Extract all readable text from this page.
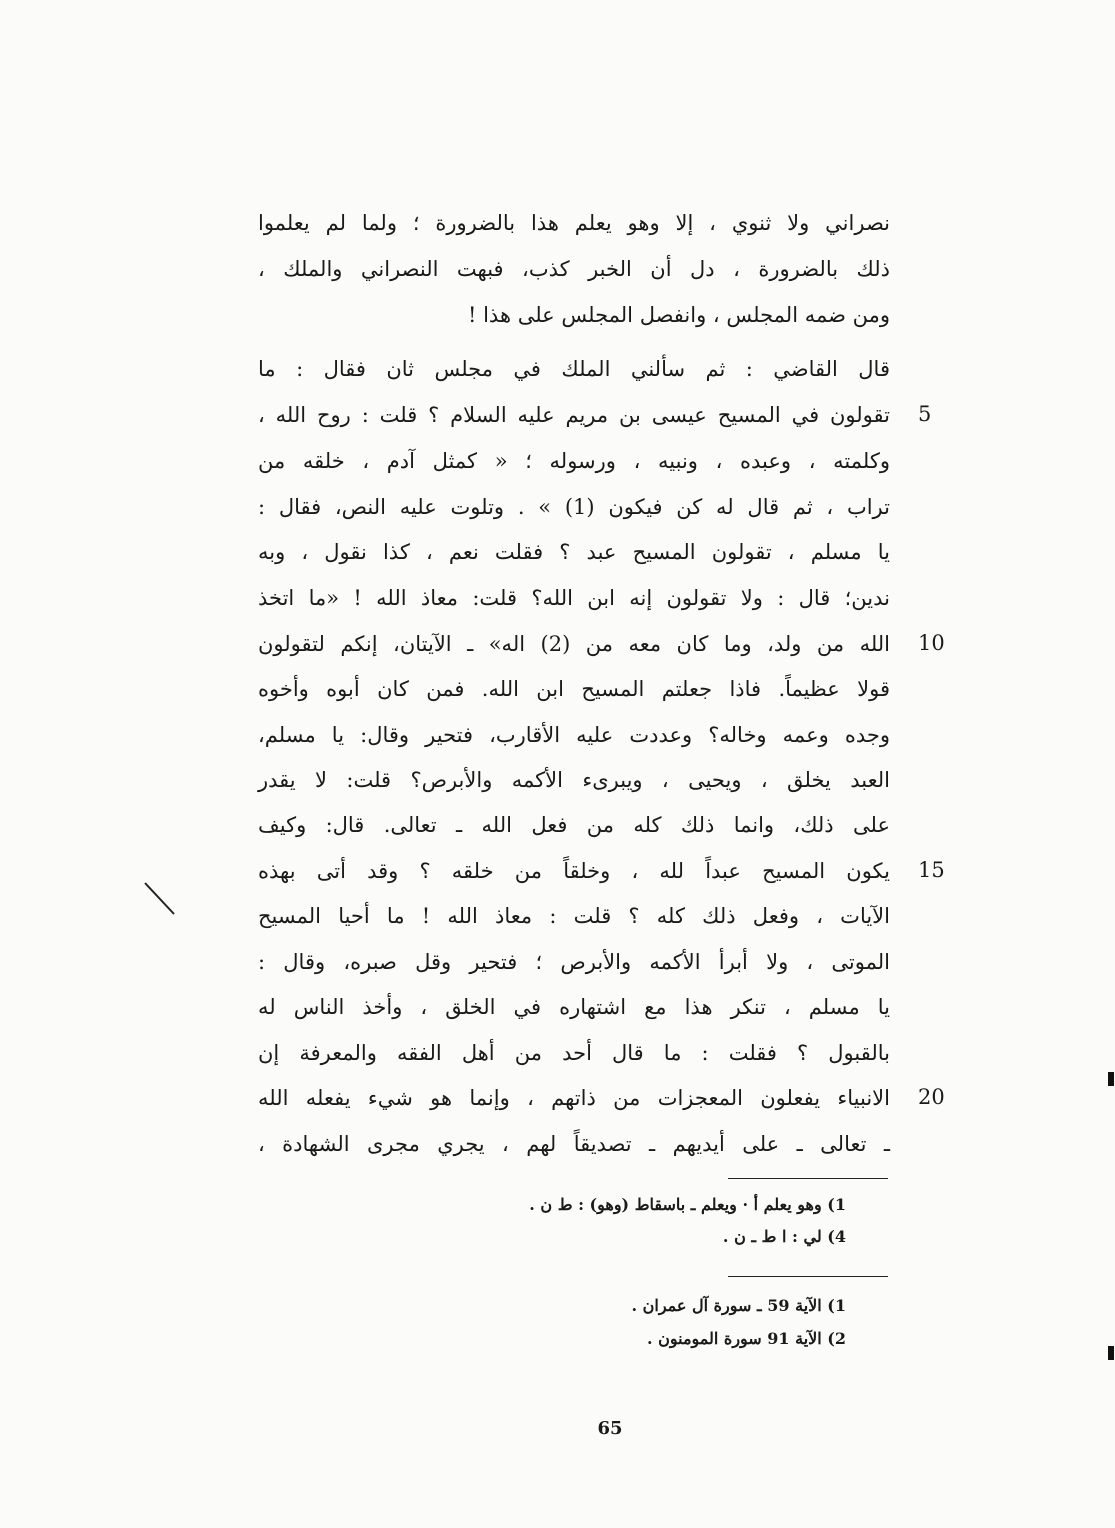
نصراني ولا ثنوي ، إلا وهو يعلم هذا بالضرورة ؛ ولما لم يعلموا
ذلك بالضرورة ، دل أن الخبر كذب، فبهت النصراني والملك ،
ومن ضمه المجلس ، وانفصل المجلس على هذا !
قال القاضي : ثم سألني الملك في مجلس ثان فقال : ما
تقولون في المسيح عيسى بن مريم عليه السلام ؟ قلت : روح الله ،
وكلمته ، وعبده ، ونبيه ، ورسوله ؛ « كمثل آدم ، خلقه من
تراب ، ثم قال له كن فيكون (1) » . وتلوت عليه النص، فقال :
يا مسلم ، تقولون المسيح عبد ؟ فقلت نعم ، كذا نقول ، وبه
ندين؛ قال : ولا تقولون إنه ابن الله؟ قلت: معاذ الله ! «ما اتخذ
الله من ولد، وما كان معه من (2) اله» ـ الآيتان، إنكم لتقولون
قولا عظيماً. فاذا جعلتم المسيح ابن الله. فمن كان أبوه وأخوه
وجده وعمه وخاله؟ وعددت عليه الأقارب، فتحير وقال: يا مسلم،
العبد يخلق ، ويحيى ، ويبرىء الأكمه والأبرص؟ قلت: لا يقدر
على ذلك، وانما ذلك كله من فعل الله ـ تعالى. قال: وكيف
يكون المسيح عبداً لله ، وخلقاً من خلقه ؟ وقد أتى بهذه
الآيات ، وفعل ذلك كله ؟ قلت : معاذ الله ! ما أحيا المسيح
الموتى ، ولا أبرأ الأكمه والأبرص ؛ فتحير وقل صبره، وقال :
يا مسلم ، تنكر هذا مع اشتهاره في الخلق ، وأخذ الناس له
بالقبول ؟ فقلت : ما قال أحد من أهل الفقه والمعرفة إن
الانبياء يفعلون المعجزات من ذاتهم ، وإنما هو شيء يفعله الله
ـ تعالى ـ على أيديهم ـ تصديقاً لهم ، يجري مجرى الشهادة ،
5
10
15
20
1) وهو يعلم أ · ويعلم ـ باسقاط (وهو) : ط ن .
4) لي : ا ط ـ ن .
1) الآية 59 ـ سورة آل عمران .
2) الآية 91 سورة المومنون .
65
